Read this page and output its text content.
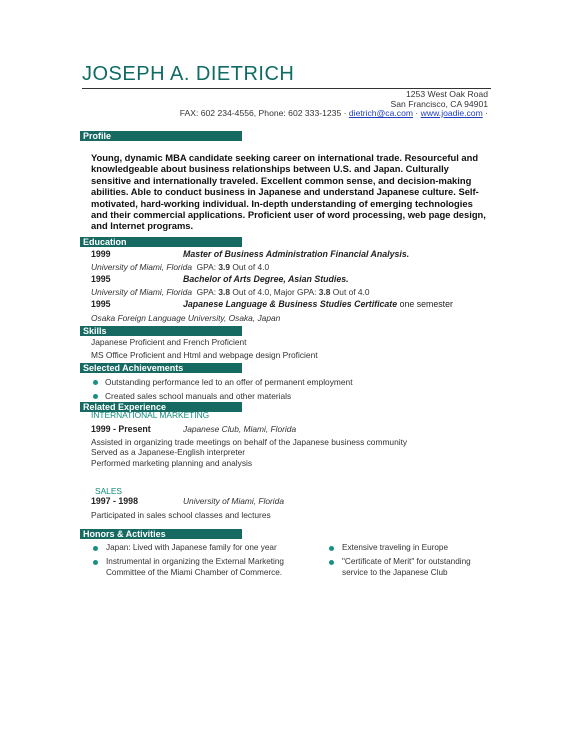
JOSEPH A. DIETRICH
1253 West Oak Road
San Francisco, CA 94901
FAX: 602 234-4556, Phone: 602 333-1235 · dietrich@ca.com · www.joadie.com ·
Profile
Young, dynamic MBA candidate seeking career on international trade. Resourceful and knowledgeable about business relationships between U.S. and Japan. Culturally sensitive and internationally traveled. Excellent common sense, and decision-making abilities. Able to conduct business in Japanese and understand Japanese culture. Self-motivated, hard-working individual. In-depth understanding of emerging technologies and their commercial applications. Proficient user of word processing, web page design, and Internet programs.
Education
1999	Master of Business Administration Financial Analysis.
University of Miami, Florida GPA: 3.9 Out of 4.0
1995	Bachelor of Arts Degree, Asian Studies.
University of Miami, Florida GPA: 3.8 Out of 4.0, Major GPA: 3.8 Out of 4.0
1995	Japanese Language & Business Studies Certificate one semester
Osaka Foreign Language University, Osaka, Japan
Skills
Japanese Proficient and French Proficient
MS Office Proficient and Html and webpage design Proficient
Selected Achievements
Outstanding performance led to an offer of permanent employment
Created sales school manuals and other materials
Related Experience
INTERNATIONAL MARKETING
1999 - Present	Japanese Club, Miami, Florida
Assisted in organizing trade meetings on behalf of the Japanese business community
Served as a Japanese-English interpreter
Performed marketing planning and analysis
SALES
1997 - 1998	University of Miami, Florida
Participated in sales school classes and lectures
Honors & Activities
Japan: Lived with Japanese family for one year
Instrumental in organizing the External Marketing
Committee of the Miami Chamber of Commerce.
Extensive traveling in Europe
"Certificate of Merit" for outstanding
service to the Japanese Club
